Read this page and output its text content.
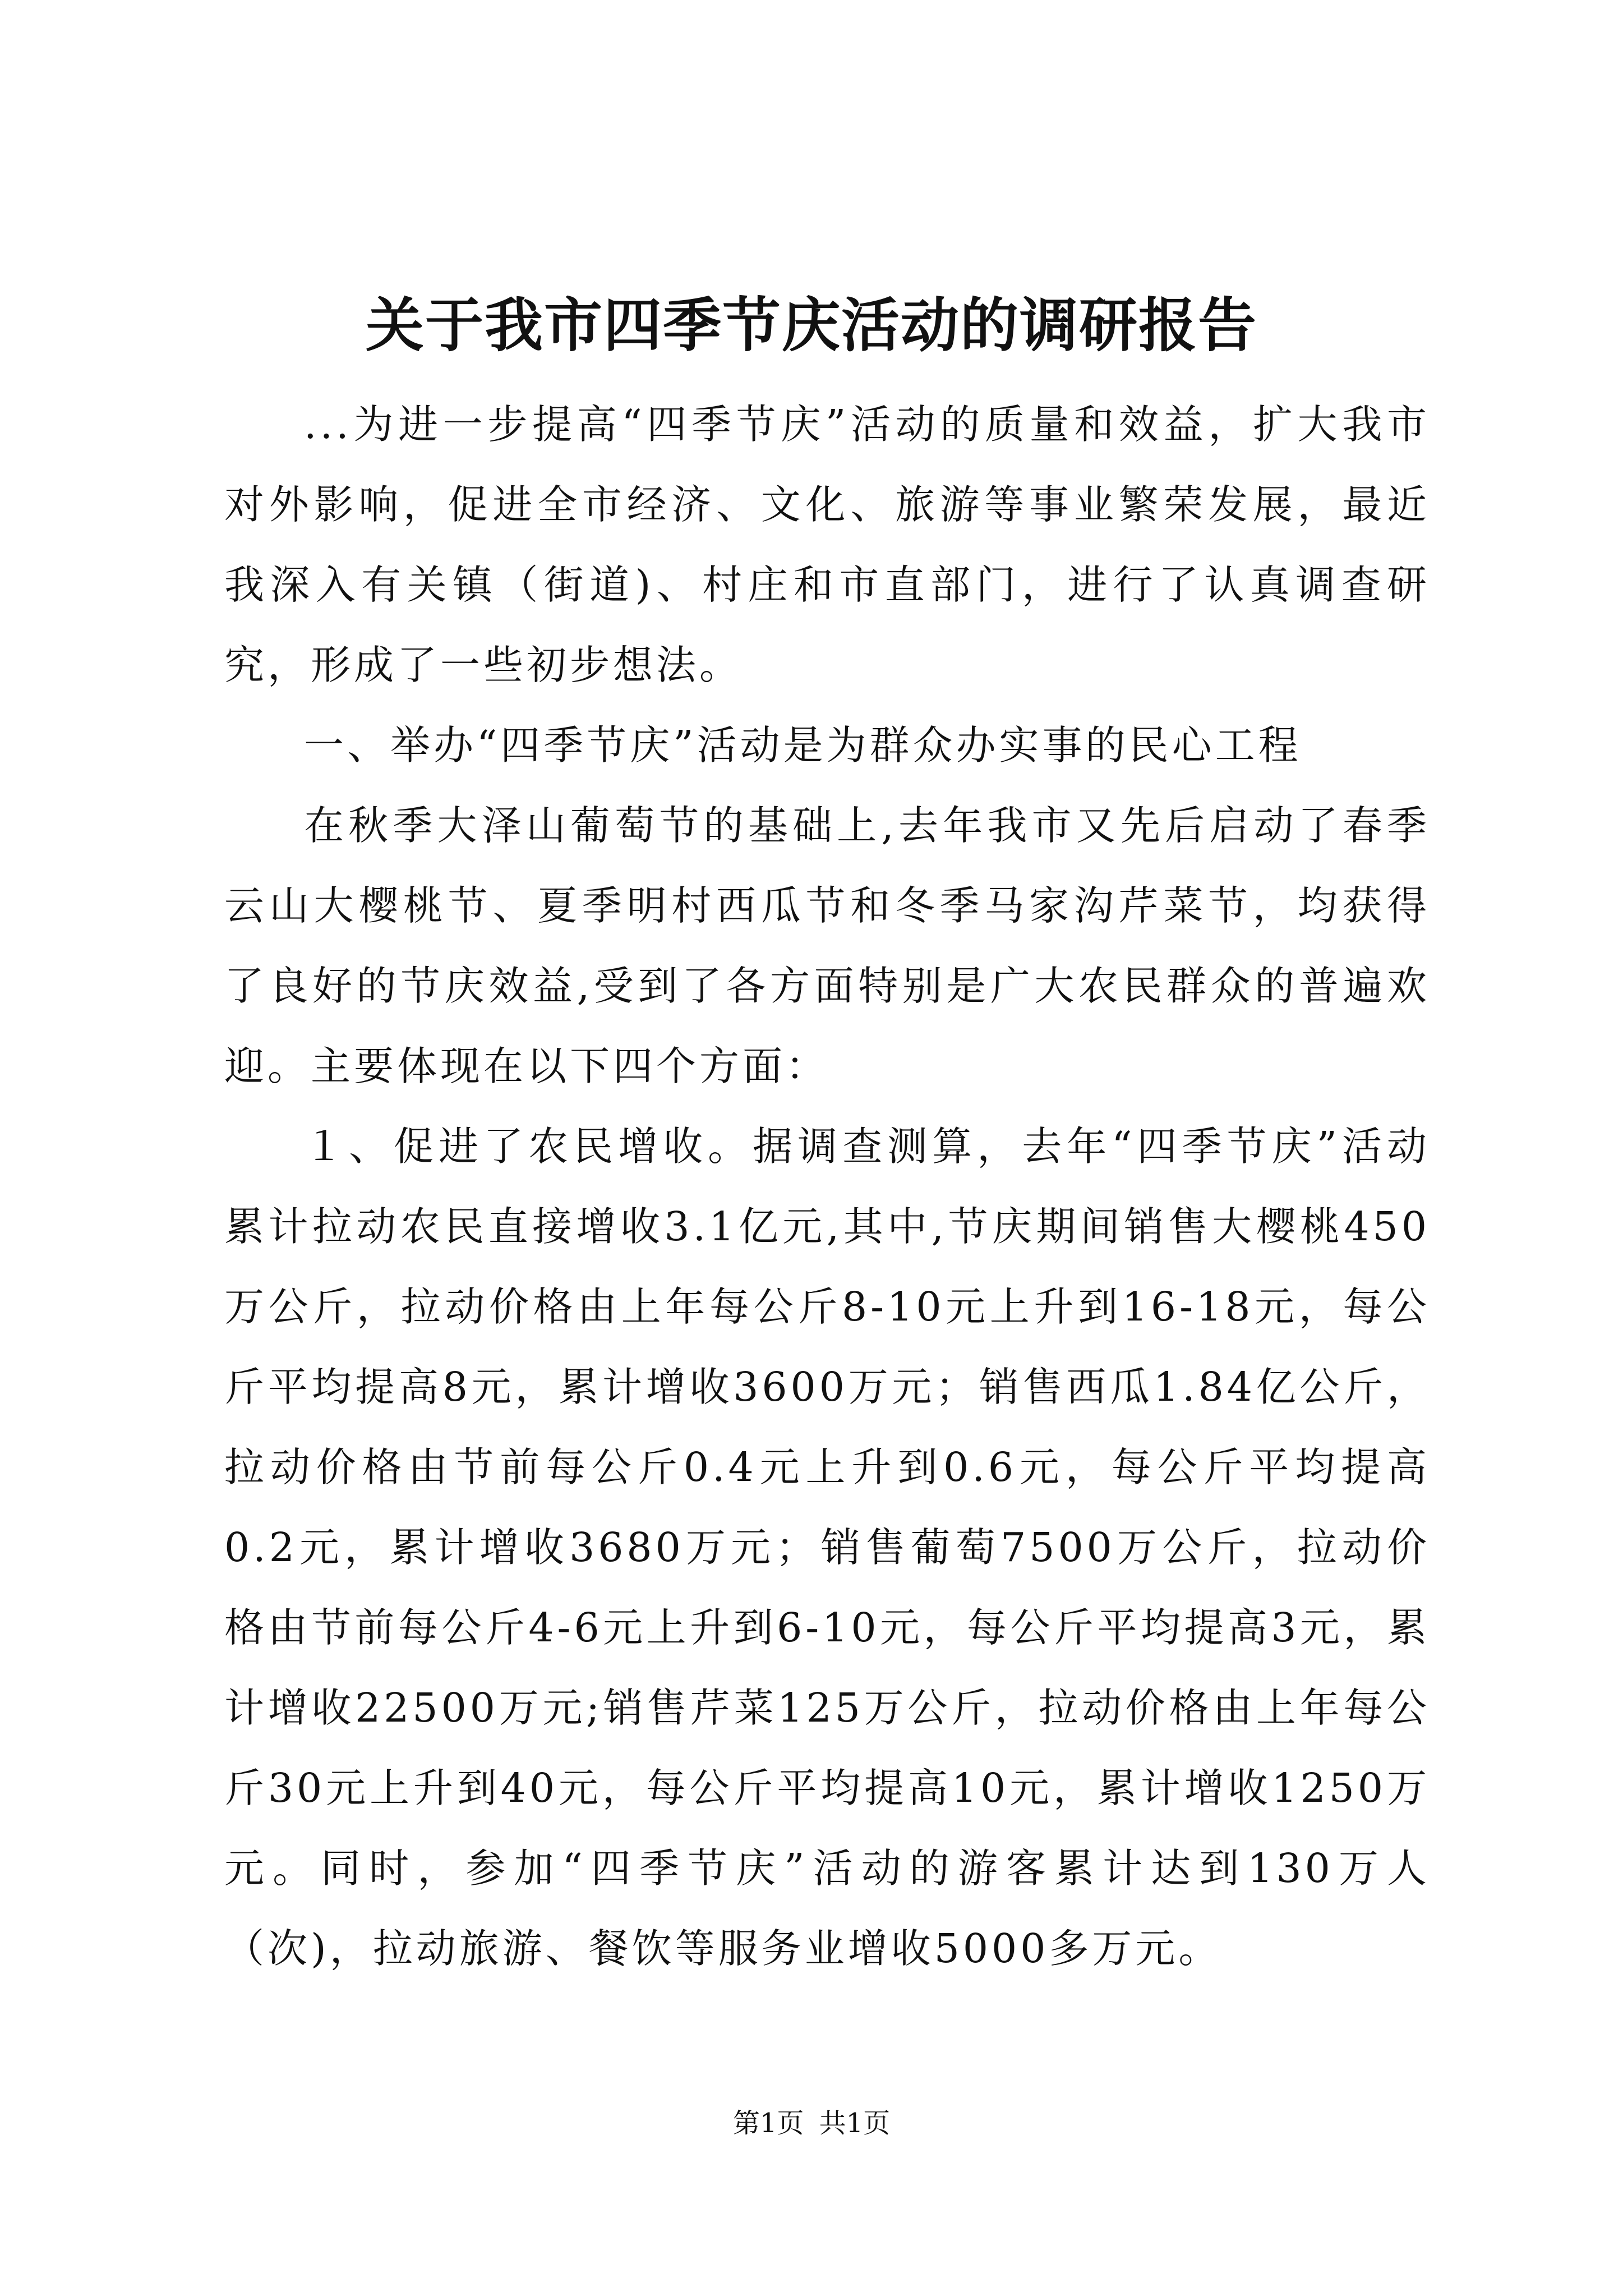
关于我市四季节庆活动的调研报告

...为进一步提高“四季节庆”活动的质量和效益，扩大我市对外影响，促进全市经济、文化、旅游等事业繁荣发展，最近我深入有关镇（街道)、村庄和市直部门，进行了认真调查研究，形成了一些初步想法。

一、举办“四季节庆”活动是为群众办实事的民心工程

在秋季大泽山葡萄节的基础上,去年我市又先后启动了春季云山大樱桃节、夏季明村西瓜节和冬季马家沟芹菜节，均获得了良好的节庆效益,受到了各方面特别是广大农民群众的普遍欢迎。主要体现在以下四个方面：

１、促进了农民增收。据调查测算，去年“四季节庆”活动累计拉动农民直接增收3.1亿元,其中,节庆期间销售大樱桃450万公斤，拉动价格由上年每公斤8-10元上升到16-18元，每公斤平均提高8元，累计增收3600万元；销售西瓜1.84亿公斤，拉动价格由节前每公斤0.4元上升到0.6元，每公斤平均提高0.2元，累计增收3680万元；销售葡萄7500万公斤，拉动价格由节前每公斤4-6元上升到6-10元，每公斤平均提高3元，累计增收22500万元;销售芹菜125万公斤，拉动价格由上年每公斤30元上升到40元，每公斤平均提高10元，累计增收1250万元。同时，参加“四季节庆”活动的游客累计达到130万人（次)，拉动旅游、餐饮等服务业增收5000多万元。

第1页 共1页
